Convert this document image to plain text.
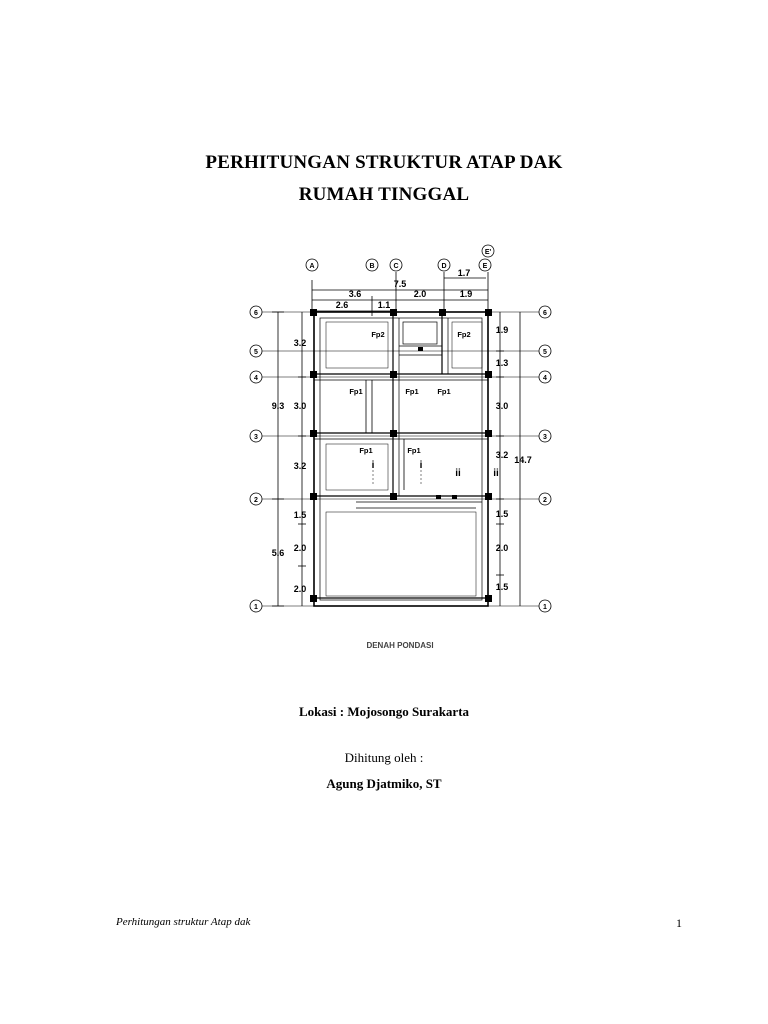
PERHITUNGAN STRUKTUR ATAP DAK
RUMAH TINGGAL
A	B	C	D	E
E'
1.7
7.5
3.6	2.0	1.9
2.6	1.1
6
5
4
3
2
1
6
5
4
3
2
1
3.2
3.0
9.3
3.2
1.5
2.0
5.6
2.0
1.9
1.3
3.0
3.2 14.7
1.5
2.0
1.5
Fp2	Fp2
Fp1	Fp1 Fp1
Fp1	Fp1
i	i
ii	ii
DENAH PONDASI
Lokasi : Mojosongo Surakarta
Dihitung oleh :
Agung Djatmiko, ST
Perhitungan struktur Atap dak	1
